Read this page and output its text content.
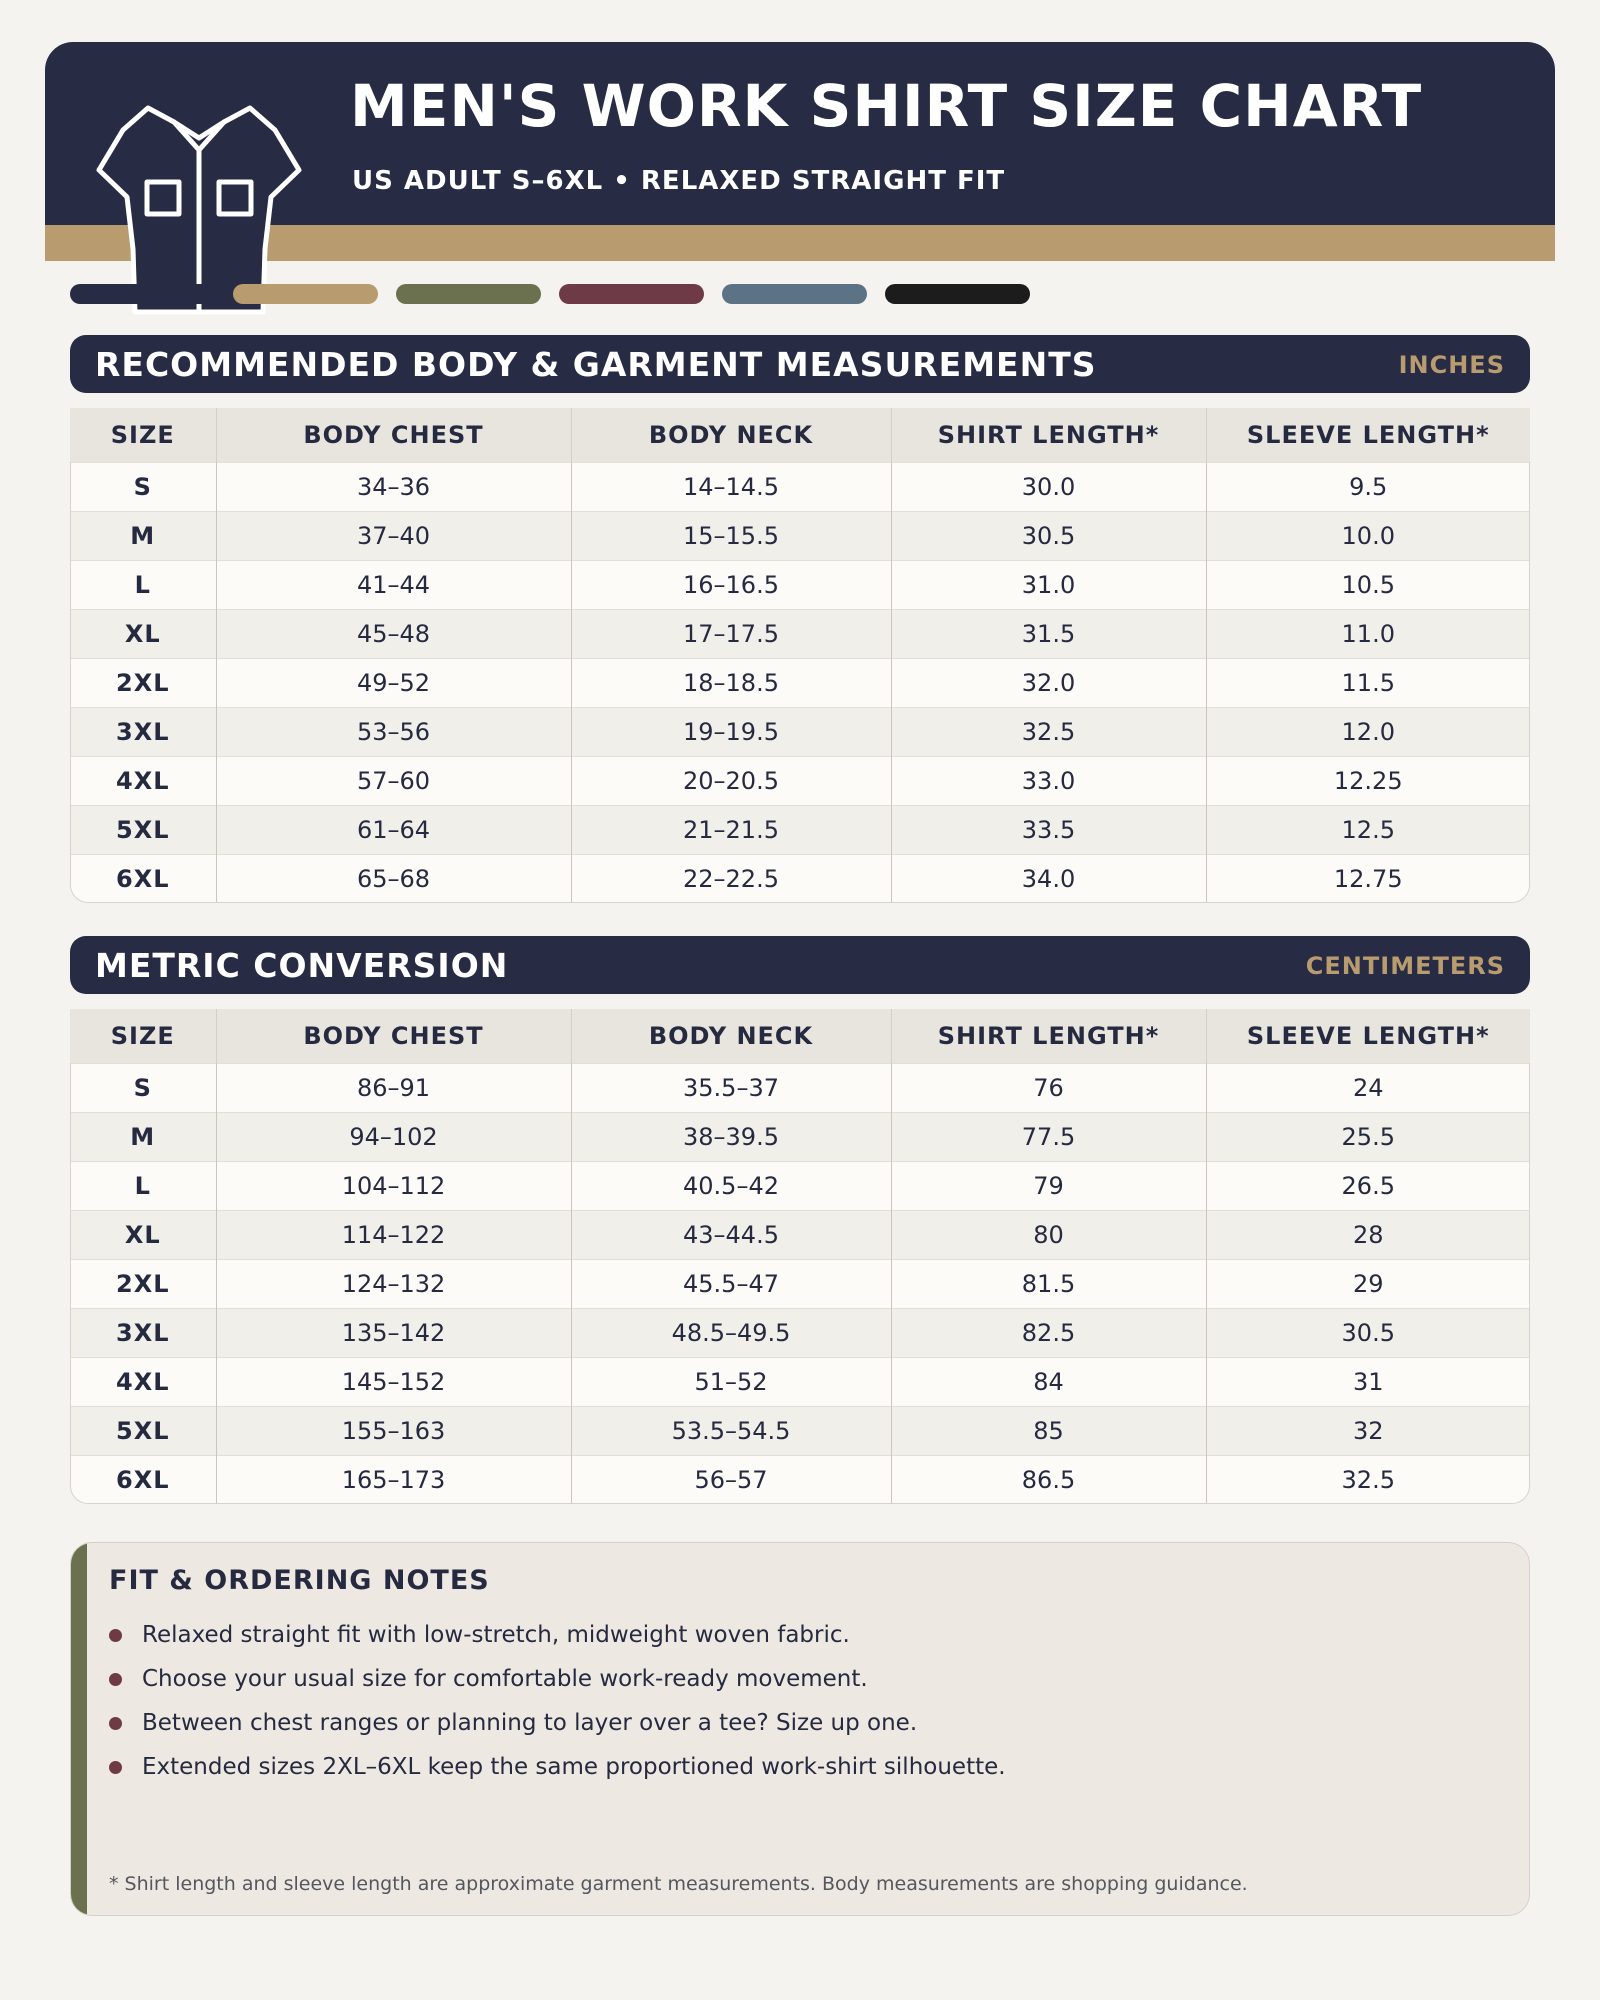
MEN'S WORK SHIRT SIZE CHART
US ADULT S–6XL • RELAXED STRAIGHT FIT
RECOMMENDED BODY & GARMENT MEASUREMENTS	INCHES
SIZE	BODY CHEST	BODY NECK	SHIRT LENGTH*	SLEEVE LENGTH*
S	34–36	14–14.5	30.0	9.5
M	37–40	15–15.5	30.5	10.0
L	41–44	16–16.5	31.0	10.5
XL	45–48	17–17.5	31.5	11.0
2XL	49–52	18–18.5	32.0	11.5
3XL	53–56	19–19.5	32.5	12.0
4XL	57–60	20–20.5	33.0	12.25
5XL	61–64	21–21.5	33.5	12.5
6XL	65–68	22–22.5	34.0	12.75
METRIC CONVERSION	CENTIMETERS
SIZE	BODY CHEST	BODY NECK	SHIRT LENGTH*	SLEEVE LENGTH*
S	86–91	35.5–37	76	24
M	94–102	38–39.5	77.5	25.5
L	104–112	40.5–42	79	26.5
XL	114–122	43–44.5	80	28
2XL	124–132	45.5–47	81.5	29
3XL	135–142	48.5–49.5	82.5	30.5
4XL	145–152	51–52	84	31
5XL	155–163	53.5–54.5	85	32
6XL	165–173	56–57	86.5	32.5
FIT & ORDERING NOTES
Relaxed straight fit with low-stretch, midweight woven fabric.
Choose your usual size for comfortable work-ready movement.
Between chest ranges or planning to layer over a tee? Size up one.
Extended sizes 2XL–6XL keep the same proportioned work-shirt silhouette.
* Shirt length and sleeve length are approximate garment measurements. Body measurements are shopping guidance.
